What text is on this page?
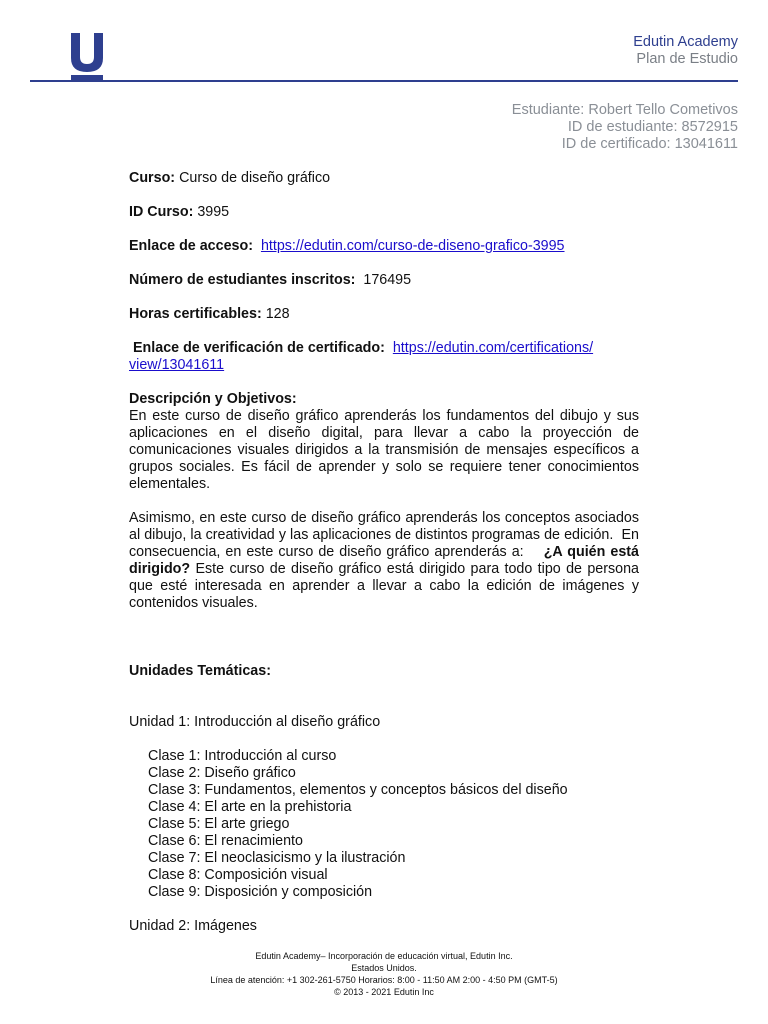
Edutin Academy
Plan de Estudio
Estudiante: Robert Tello Cometivos
ID de estudiante: 8572915
ID de certificado: 13041611

Curso: Curso de diseño gráfico

ID Curso: 3995

Enlace de acceso: https://edutin.com/curso-de-diseno-grafico-3995

Número de estudiantes inscritos: 176495

Horas certificables: 128

Enlace de verificación de certificado: https://edutin.com/certifications/

view/13041611

Descripción y Objetivos:

En este curso de diseño gráfico aprenderás los fundamentos del dibujo y sus aplicaciones en el diseño digital, para llevar a cabo la proyección de comunicaciones visuales dirigidos a la transmisión de mensajes específicos a grupos sociales. Es fácil de aprender y solo se requiere tener conocimientos elementales.

Asimismo, en este curso de diseño gráfico aprenderás los conceptos asociados al dibujo, la creatividad y las aplicaciones de distintos programas de edición.  En consecuencia, en este curso de diseño gráfico aprenderás a:    ¿A quién está dirigido? Este curso de diseño gráfico está dirigido para todo tipo de persona que esté interesada en aprender a llevar a cabo la edición de imágenes y contenidos visuales.

Unidades Temáticas:

Unidad 1: Introducción al diseño gráfico

Clase 1: Introducción al curso

Clase 2: Diseño gráfico

Clase 3: Fundamentos, elementos y conceptos básicos del diseño

Clase 4: El arte en la prehistoria

Clase 5: El arte griego

Clase 6: El renacimiento

Clase 7: El neoclasicismo y la ilustración

Clase 8: Composición visual

Clase 9: Disposición y composición

Unidad 2: Imágenes

Edutin Academy– Incorporación de educación virtual, Edutin Inc.
Estados Unidos.
Línea de atención: +1 302-261-5750 Horarios: 8:00 - 11:50 AM 2:00 - 4:50 PM (GMT-5)
© 2013 - 2021 Edutin Inc
